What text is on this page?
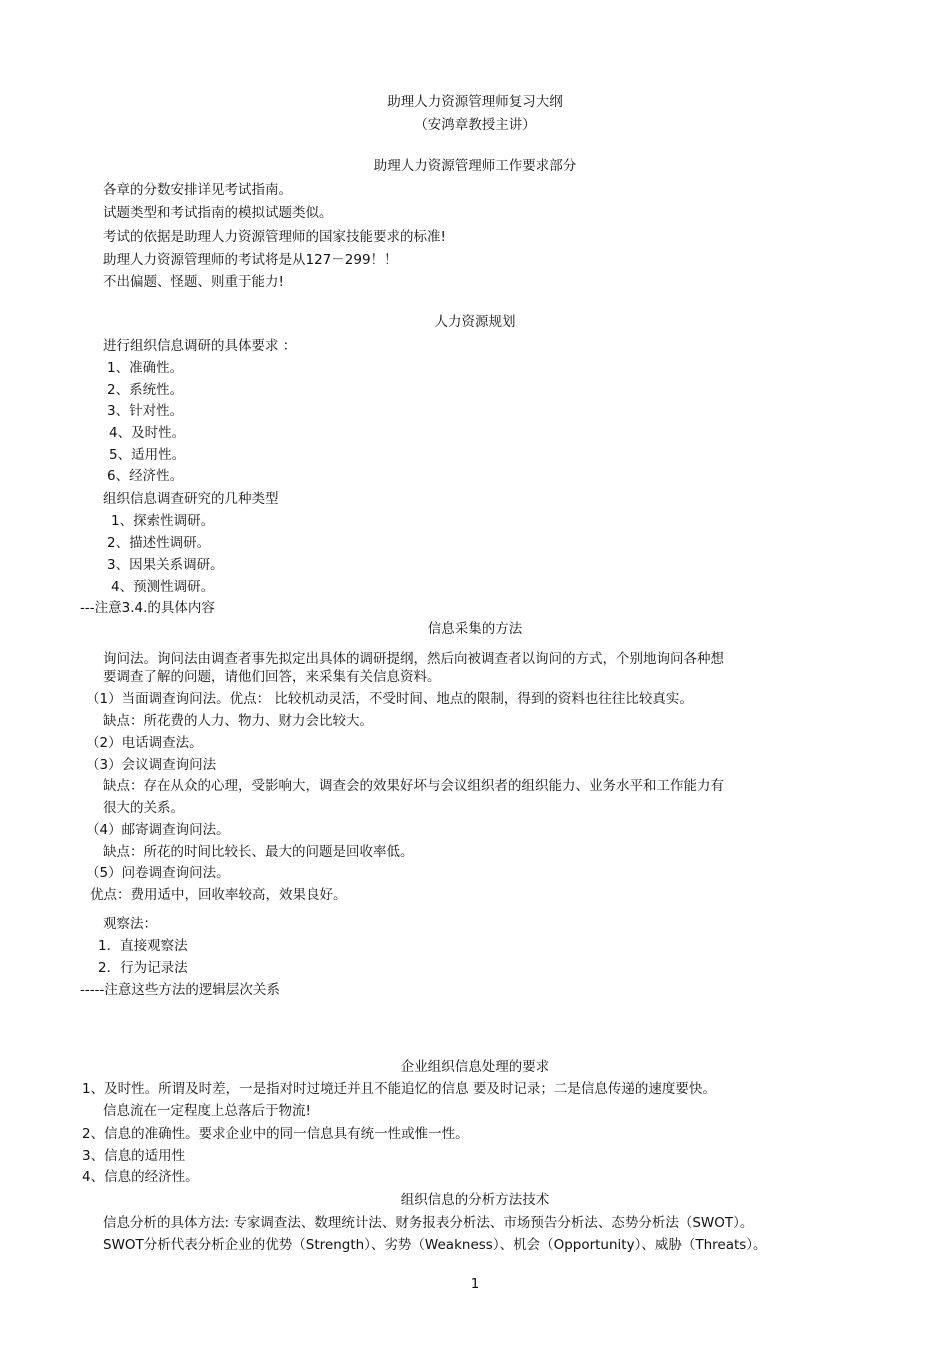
助理人力资源管理师复习大纲
（安鸿章教授主讲）
助理人力资源管理师工作要求部分
各章的分数安排详见考试指南。
试题类型和考试指南的模拟试题类似。
考试的依据是助理人力资源管理师的国家技能要求的标准!
助理人力资源管理师的考试将是从127－299！！
不出偏题、怪题、则重于能力!
人力资源规划
进行组织信息调研的具体要求 ：
1、准确性。
2、系统性。
3、针对性。
4、及时性。
5、适用性。
6、经济性。
组织信息调查研究的几种类型
1、探索性调研。
2、描述性调研。
3、因果关系调研。
4、预测性调研。
---注意3.4.的具体内容
信息采集的方法
询问法。询问法由调查者事先拟定出具体的调研提纲，然后向被调查者以询问的方式，个别地询问各种想
要调查了解的问题，请他们回答，来采集有关信息资料。
（1）当面调查询问法。优点： 比较机动灵活，不受时间、地点的限制，得到的资料也往往比较真实。
缺点：所花费的人力、物力、财力会比较大。
（2）电话调查法。
（3）会议调查询问法
缺点：存在从众的心理，受影响大，调查会的效果好坏与会议组织者的组织能力、业务水平和工作能力有
很大的关系。
（4）邮寄调查询问法。
缺点：所花的时间比较长、最大的问题是回收率低。
（5）问卷调查询问法。
优点：费用适中，回收率较高，效果良好。
观察法：
1．直接观察法
2．行为记录法
-----注意这些方法的逻辑层次关系
企业组织信息处理的要求
1、及时性。所谓及时差，一是指对时过境迁并且不能追忆的信息 要及时记录；二是信息传递的速度要快。
信息流在一定程度上总落后于物流!
2、信息的准确性。要求企业中的同一信息具有统一性或惟一性。
3、信息的适用性
4、信息的经济性。
组织信息的分析方法技术
信息分析的具体方法: 专家调查法、数理统计法、财务报表分析法、市场预告分析法、态势分析法（SWOT）。
SWOT分析代表分析企业的优势（Strength）、劣势（Weakness）、机会（Opportunity）、威胁（Threats）。
1
